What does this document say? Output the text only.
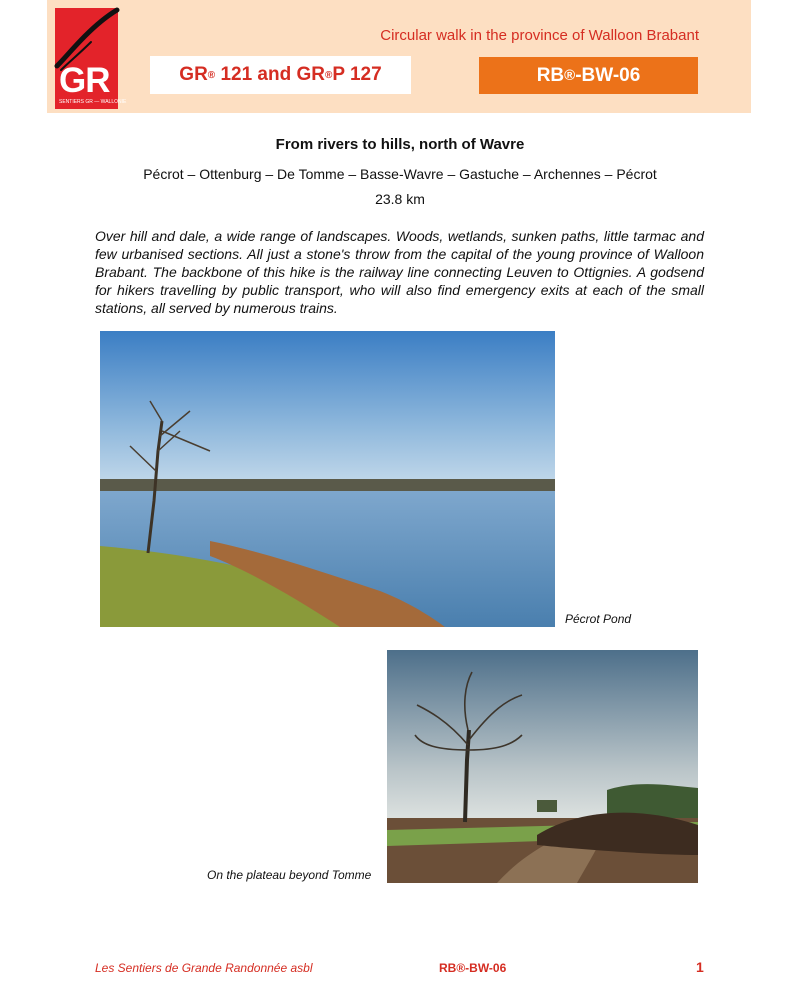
GR
SENTIERS GR — WALLONIE
Circular walk in the province of Walloon Brabant
GR ® 121 and GR ® P 127	RB ® -BW-06
From rivers to hills, north of Wavre
Pécrot – Ottenburg – De Tomme – Basse-Wavre – Gastuche – Archennes – Pécrot
23.8 km

Over hill and dale, a wide range of landscapes. Woods, wetlands, sunken paths, little tarmac and few urbanised sections. All just a stone's throw from the capital of the young province of Walloon Brabant. The backbone of this hike is the railway line connecting Leuven to Ottignies. A godsend for hikers travelling by public transport, who will also find emergency exits at each of the small stations, all served by numerous trains.

Pécrot Pond
On the plateau beyond Tomme
Les Sentiers de Grande Randonnée asbl	RB®-BW-06	1
